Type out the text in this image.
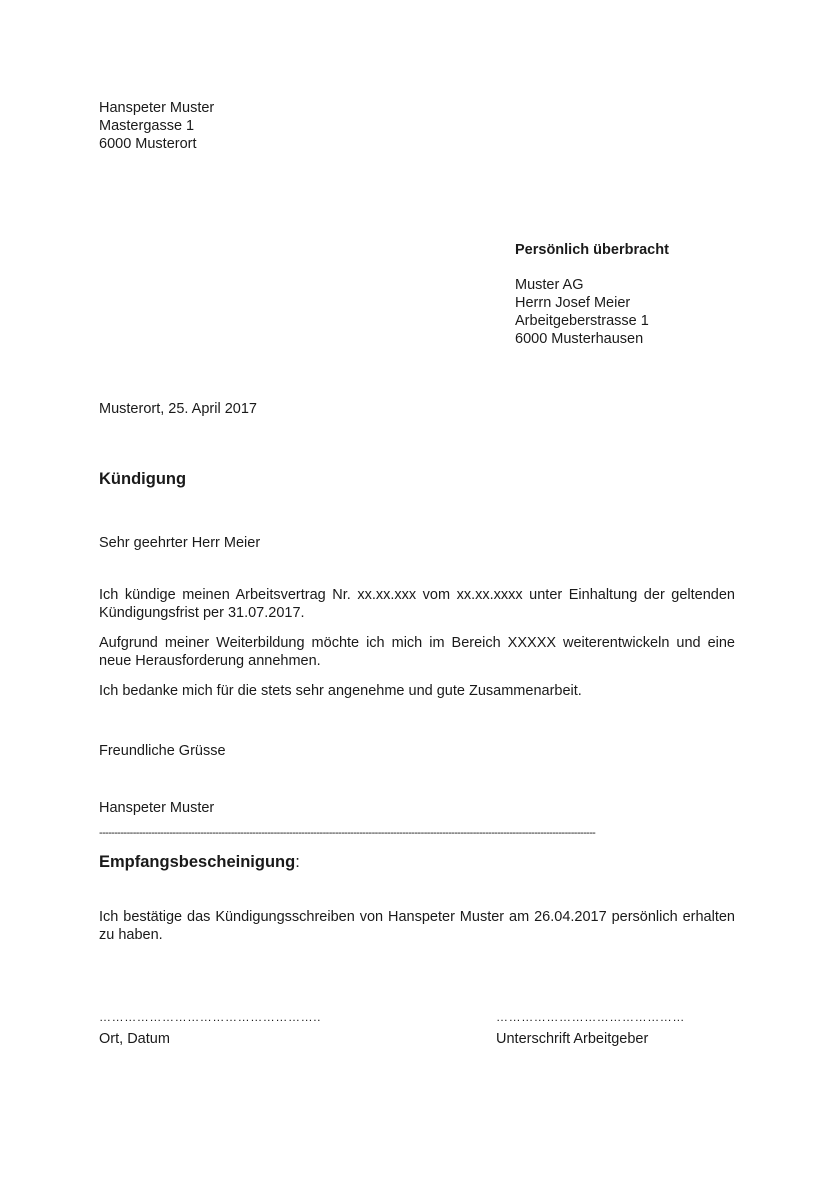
Hanspeter Muster
Mastergasse 1
6000 Musterort
Persönlich überbracht
Muster AG
Herrn Josef Meier
Arbeitgeberstrasse 1
6000 Musterhausen
Musterort, 25. April 2017
Kündigung
Sehr geehrter Herr Meier

Ich kündige meinen Arbeitsvertrag Nr. xx.xx.xxx vom xx.xx.xxxx unter Einhaltung der geltenden Kündigungsfrist per 31.07.2017.

Aufgrund meiner Weiterbildung möchte ich mich im Bereich XXXXX weiterentwickeln und eine neue Herausforderung annehmen.

Ich bedanke mich für die stets sehr angenehme und gute Zusammenarbeit.

Freundliche Grüsse
Hanspeter Muster
------------------------------------------------------------------------------------------------------------------------------------------------------------------
Empfangsbescheinigung:
Ich bestätige das Kündigungsschreiben von Hanspeter Muster am 26.04.2017 persönlich erhalten zu haben.
……………………………………………..	………………………………………
Ort, Datum	Unterschrift Arbeitgeber
